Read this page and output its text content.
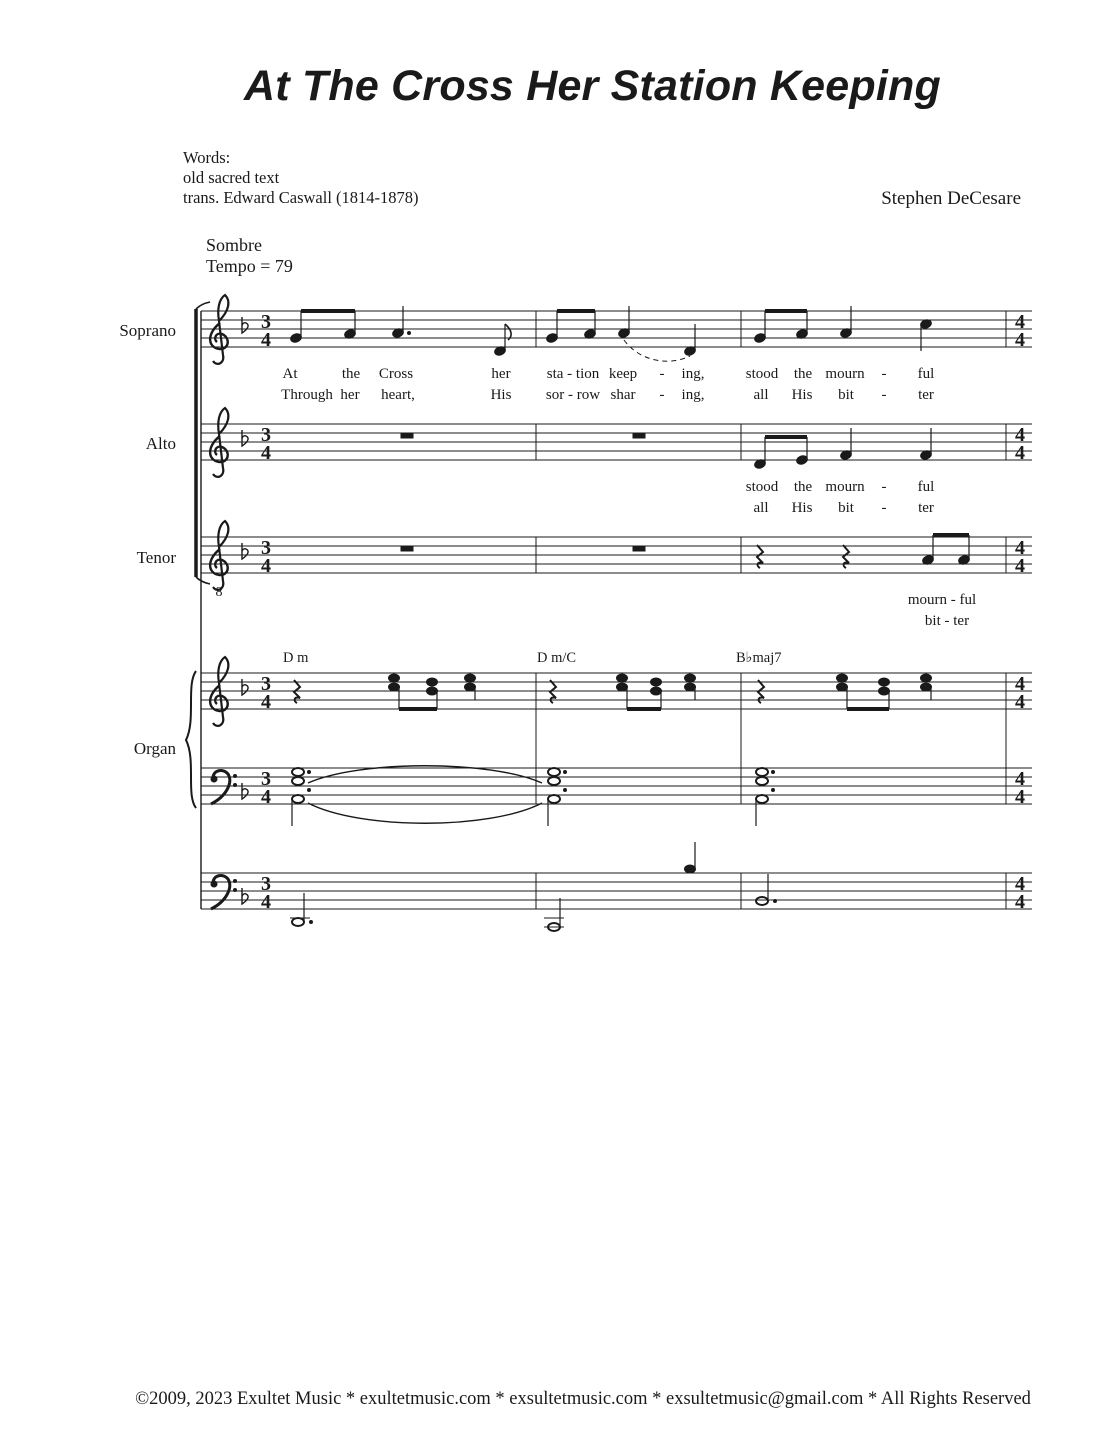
At The Cross Her Station Keeping
Words:
old sacred text
trans. Edward Caswall (1814-1878)	Stephen DeCesare
Sombre
Tempo = 79
Soprano
Alto
Tenor
Organ
3
4
3
4
3
4
3
4
3
4
3
4
4
4
4
4
4
4
4
4
4
4
4
4
8
At	the Cross	her sta - tion keep - ing,	stood the mourn - ful
Through her heart,	His sor - row shar - ing,	all His bit - ter
stood the mourn - ful
all His bit - ter
mourn - ful
bit - ter
D m	D m/C	B♭maj7
©2009, 2023 Exultet Music * exultetmusic.com * exsultetmusic.com * exsultetmusic@gmail.com * All Rights Reserved
